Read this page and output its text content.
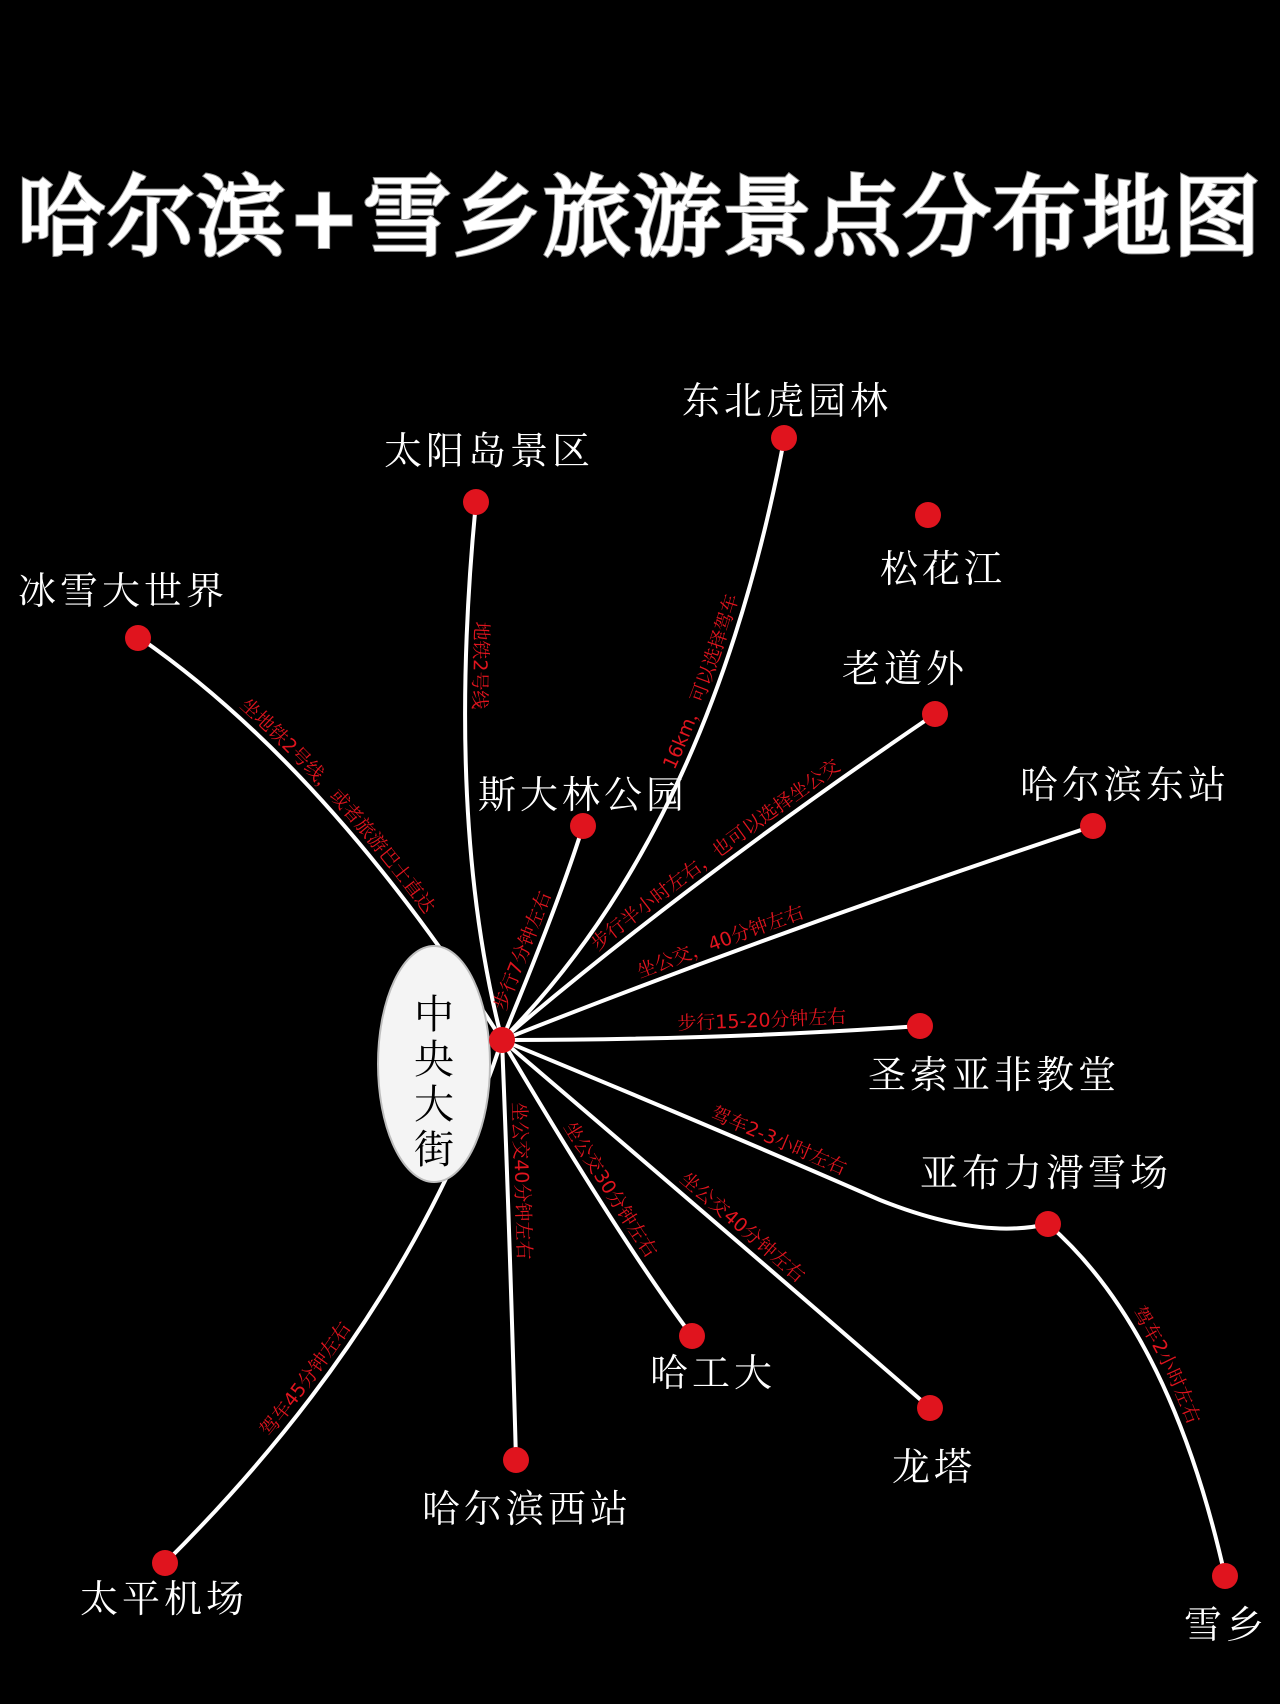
哈尔滨+雪乡旅游景点分布地图
坐地铁2号线，或者旅游巴士直达
地铁2号线
16km，可以选择驾车
步行半小时左右，也可以选择坐公交
坐公交，40分钟左右
步行7分钟左右
步行15-20分钟左右
驾车2-3小时左右
驾车2小时左右
坐公交30分钟左右
坐公交40分钟左右
坐公交40分钟左右
驾车45分钟左右
中
央
大
街
冰雪大世界
太阳岛景区
东北虎园林
松花江
老道外
哈尔滨东站
斯大林公园
圣索亚非教堂
亚布力滑雪场
雪乡
哈工大
龙塔
哈尔滨西站
太平机场
